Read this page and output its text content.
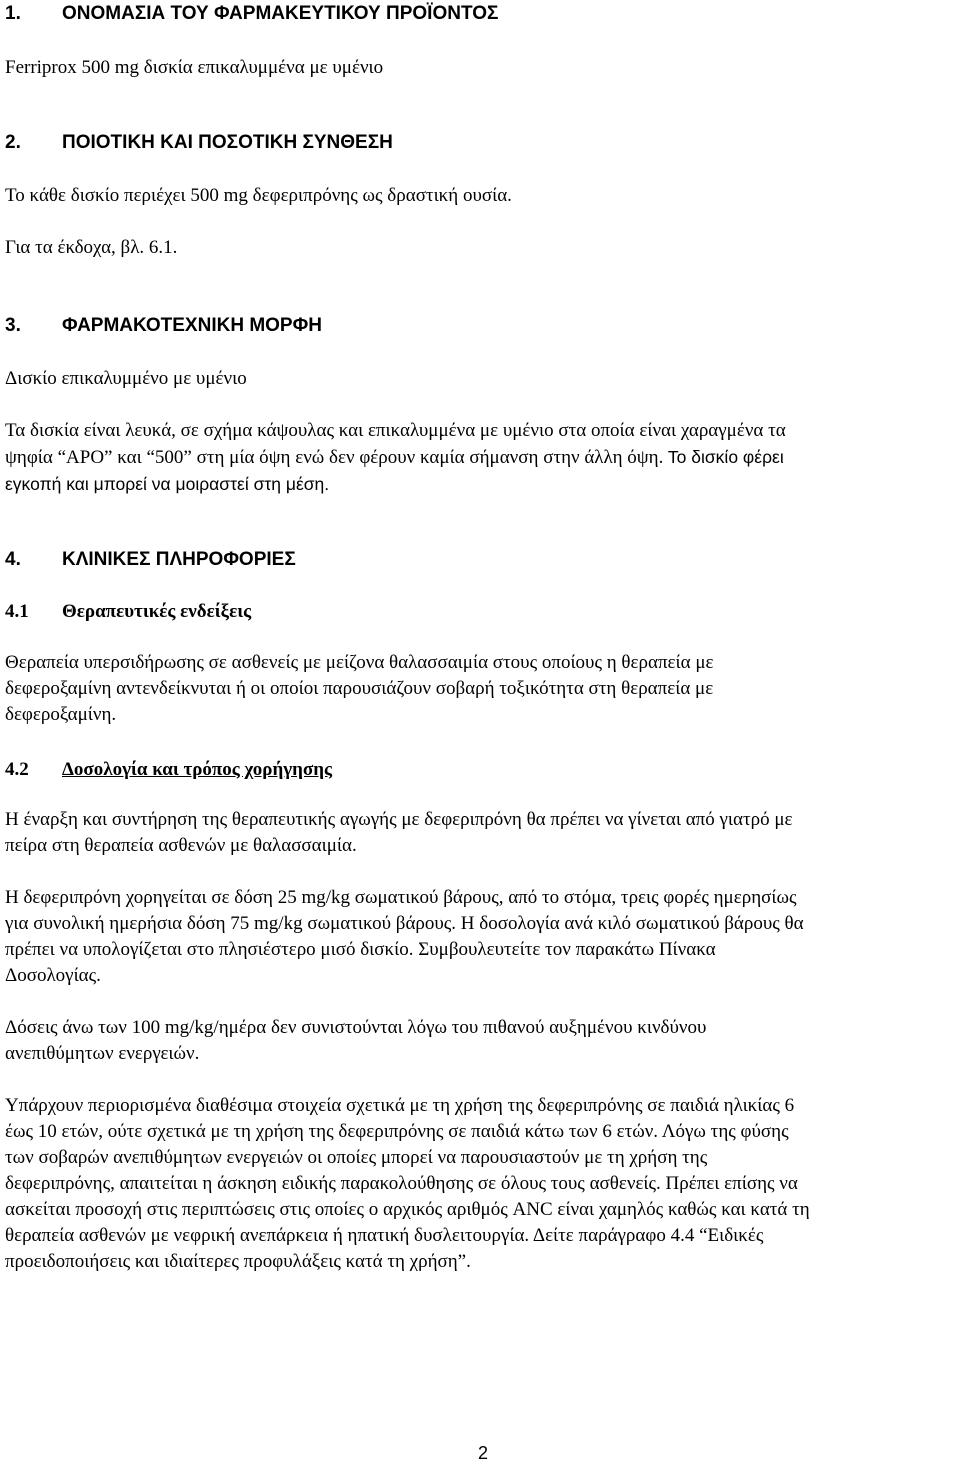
1. ΟΝΟΜΑΣΙΑ ΤΟΥ ΦΑΡΜΑΚΕΥΤΙΚΟΥ ΠΡΟΪΟΝΤΟΣ
Ferriprox 500 mg δισκία επικαλυμμένα με υμένιο
2. ΠΟΙΟΤΙΚΗ ΚΑΙ ΠΟΣΟΤΙΚΗ ΣΥΝΘΕΣΗ
Το κάθε δισκίο περιέχει 500 mg δεφεριπρόνης ως δραστική ουσία.
Για τα έκδοχα, βλ. 6.1.
3. ΦΑΡΜΑΚΟΤΕΧΝΙΚΗ ΜΟΡΦΗ
Δισκίο επικαλυμμένο με υμένιο

Τα δισκία είναι λευκά, σε σχήμα κάψουλας και επικαλυμμένα με υμένιο στα οποία είναι χαραγμένα τα

ψηφία “APO” και “500” στη μία όψη ενώ δεν φέρουν καμία σήμανση στην άλλη όψη. Το δισκίο φέρει

εγκοπή και μπορεί να μοιραστεί στη μέση.

4. ΚΛΙΝΙΚΕΣ ΠΛΗΡΟΦΟΡΙΕΣ
4.1 Θεραπευτικές ενδείξεις

Θεραπεία υπερσιδήρωσης σε ασθενείς με μείζονα θαλασσαιμία στους οποίους η θεραπεία με

δεφεροξαμίνη αντενδείκνυται ή οι οποίοι παρουσιάζουν σοβαρή τοξικότητα στη θεραπεία με

δεφεροξαμίνη.

4.2 Δοσολογία και τρόπος χορήγησης

Η έναρξη και συντήρηση της θεραπευτικής αγωγής με δεφεριπρόνη θα πρέπει να γίνεται από γιατρό με

πείρα στη θεραπεία ασθενών με θαλασσαιμία.

Η δεφεριπρόνη χορηγείται σε δόση 25 mg/kg σωματικού βάρους, από το στόμα, τρεις φορές ημερησίως

για συνολική ημερήσια δόση 75 mg/kg σωματικού βάρους. Η δοσολογία ανά κιλό σωματικού βάρους θα

πρέπει να υπολογίζεται στο πλησιέστερο μισό δισκίο. Συμβουλευτείτε τον παρακάτω Πίνακα

Δοσολογίας.

Δόσεις άνω των 100 mg/kg/ημέρα δεν συνιστούνται λόγω του πιθανού αυξημένου κινδύνου

ανεπιθύμητων ενεργειών.

Υπάρχουν περιορισμένα διαθέσιμα στοιχεία σχετικά με τη χρήση της δεφεριπρόνης σε παιδιά ηλικίας 6

έως 10 ετών, ούτε σχετικά με τη χρήση της δεφεριπρόνης σε παιδιά κάτω των 6 ετών. Λόγω της φύσης

των σοβαρών ανεπιθύμητων ενεργειών οι οποίες μπορεί να παρουσιαστούν με τη χρήση της

δεφεριπρόνης, απαιτείται η άσκηση ειδικής παρακολούθησης σε όλους τους ασθενείς. Πρέπει επίσης να

ασκείται προσοχή στις περιπτώσεις στις οποίες ο αρχικός αριθμός ANC είναι χαμηλός καθώς και κατά τη

θεραπεία ασθενών με νεφρική ανεπάρκεια ή ηπατική δυσλειτουργία. Δείτε παράγραφο 4.4 “Ειδικές

προειδοποιήσεις και ιδιαίτερες προφυλάξεις κατά τη χρήση”.

2
